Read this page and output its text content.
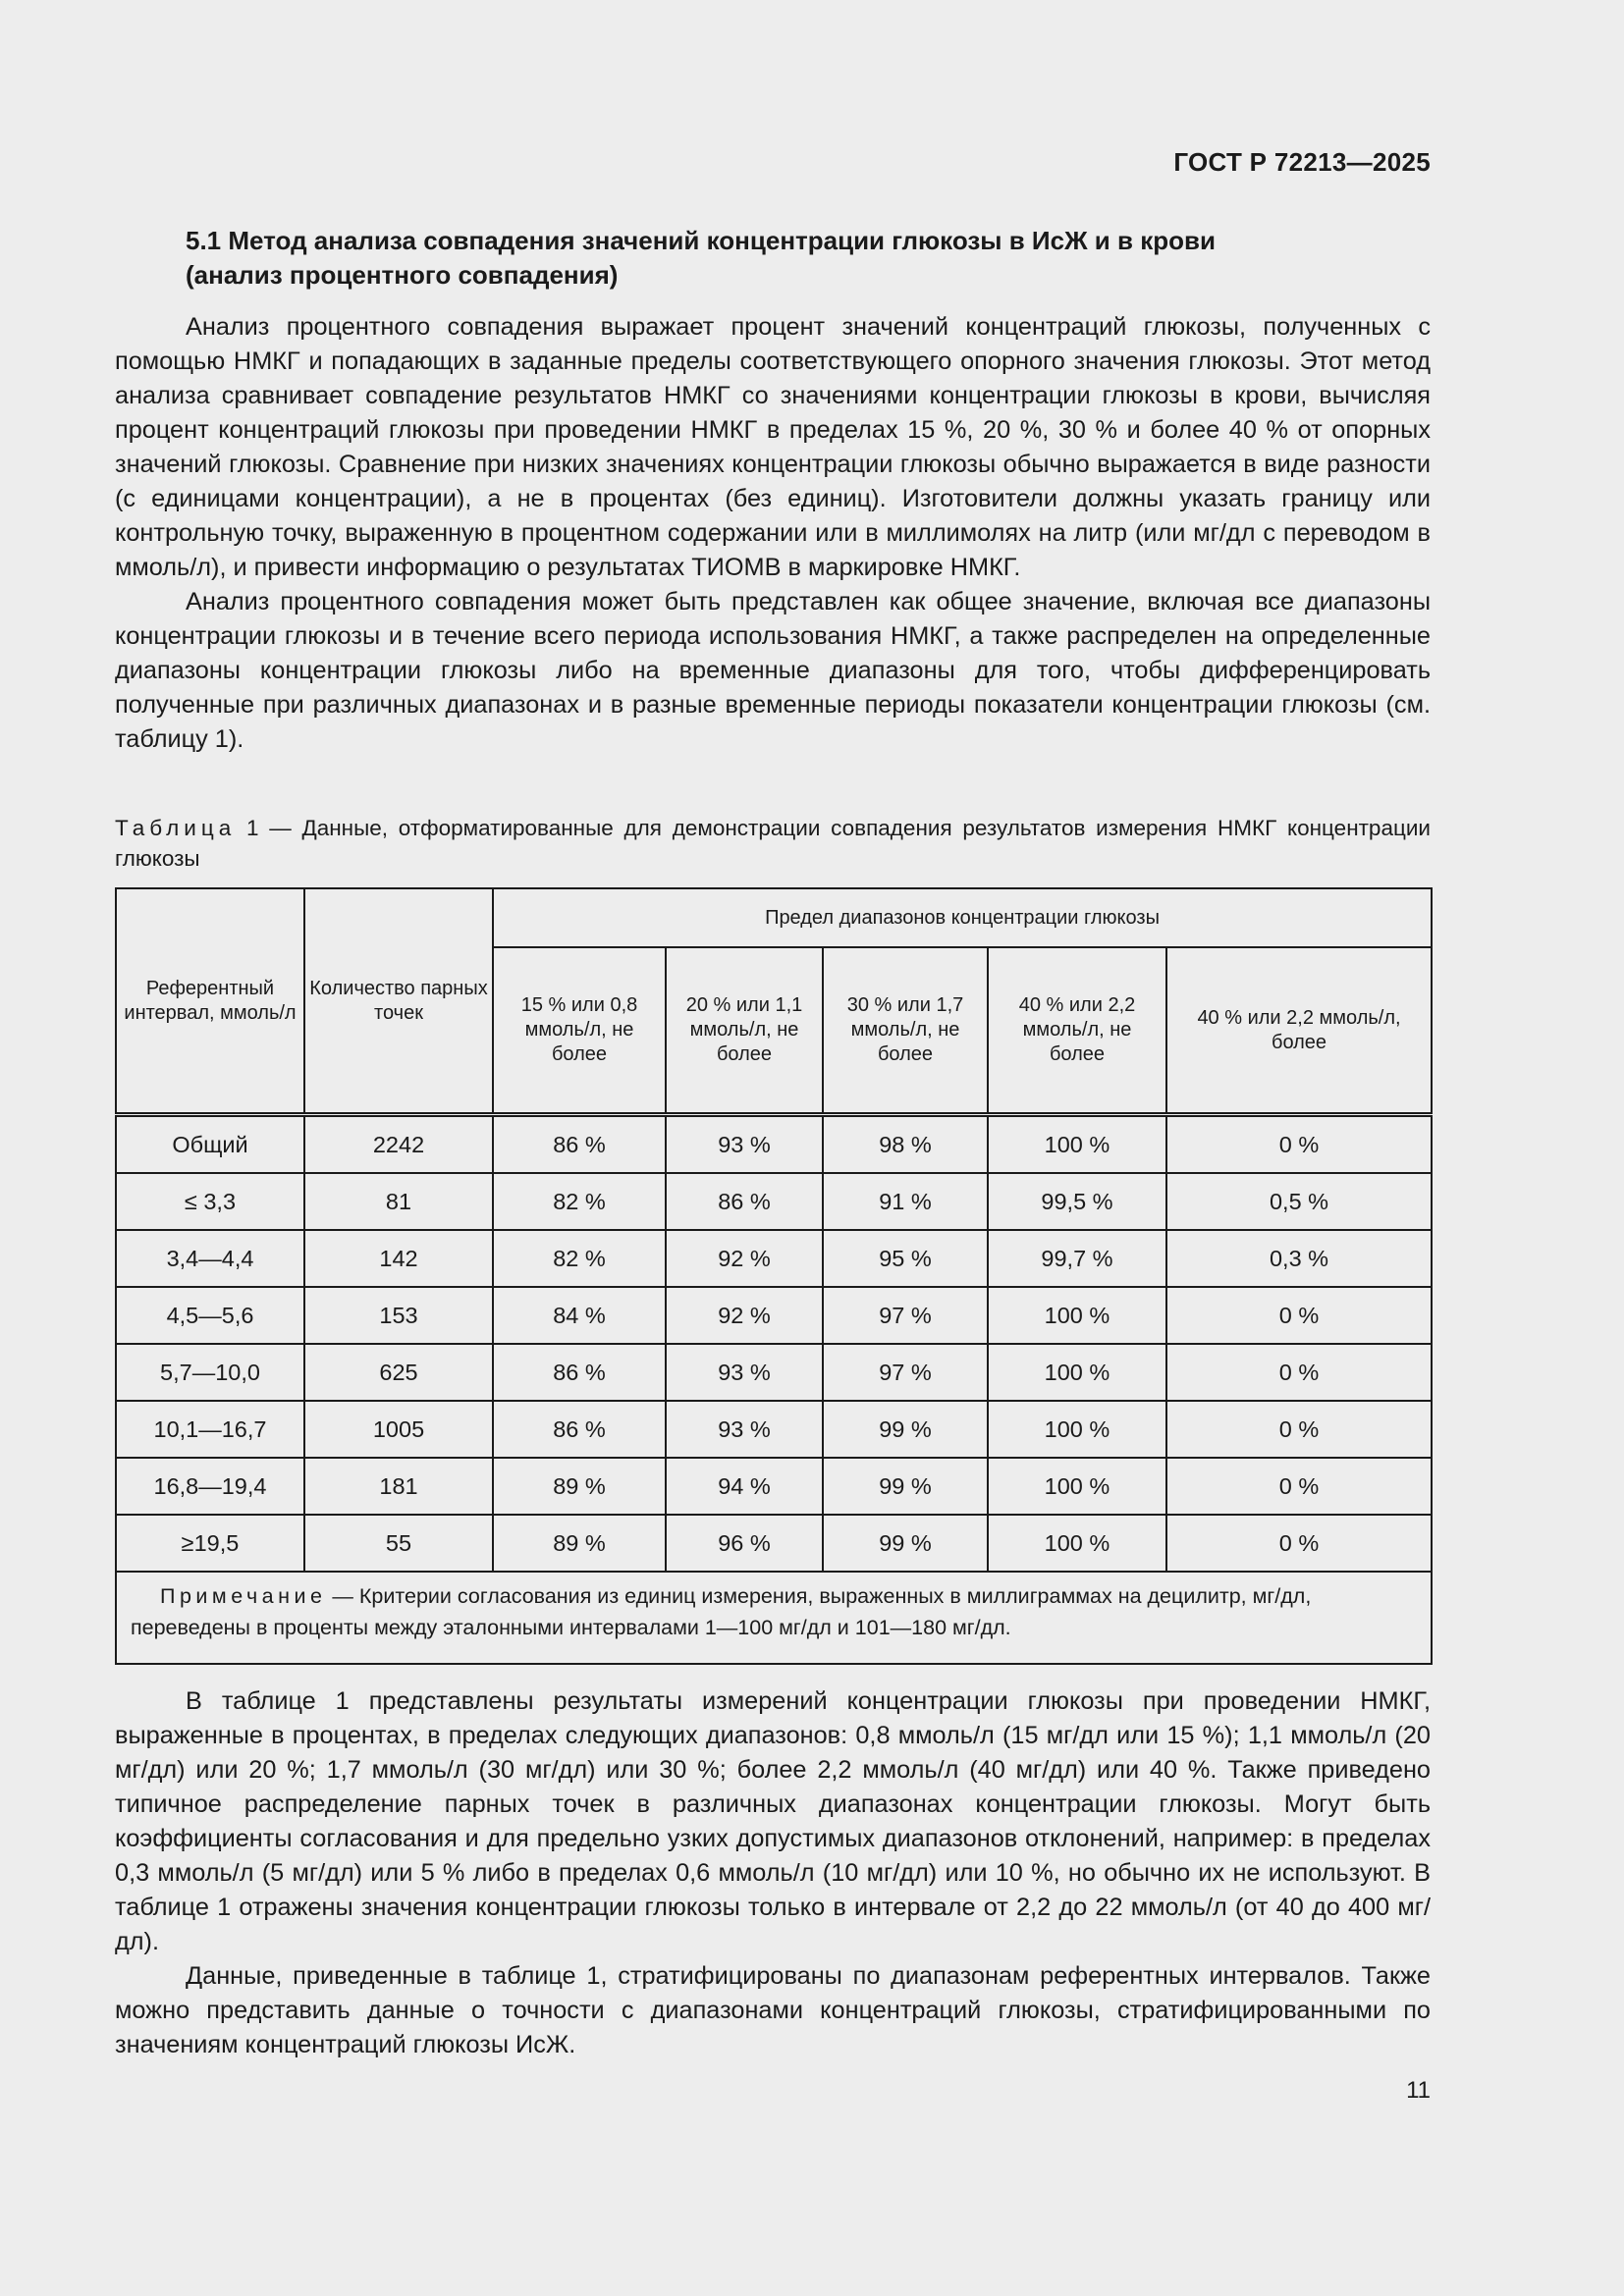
ГОСТ Р 72213—2025
5.1 Метод анализа совпадения значений концентрации глюкозы в ИсЖ и в крови
(анализ процентного совпадения)

Анализ процентного совпадения выражает процент значений концентраций глюкозы, полученных с помощью НМКГ и попадающих в заданные пределы соответствующего опорного значения глюкозы. Этот метод анализа сравнивает совпадение результатов НМКГ со значениями концентрации глюкозы в крови, вычисляя процент концентраций глюкозы при проведении НМКГ в пределах 15 %, 20 %, 30 % и более 40 % от опорных значений глюкозы. Сравнение при низких значениях концентрации глюкозы обычно выражается в виде разности (с единицами концентрации), а не в процентах (без единиц). Изготовители должны указать границу или контрольную точку, выраженную в процентном содержании или в миллимолях на литр (или мг/дл с переводом в ммоль/л), и привести информацию о результатах ТИОМВ в маркировке НМКГ.

Анализ процентного совпадения может быть представлен как общее значение, включая все диапазоны концентрации глюкозы и в течение всего периода использования НМКГ, а также распределен на определенные диапазоны концентрации глюкозы либо на временные диапазоны для того, чтобы дифференцировать полученные при различных диапазонах и в разные временные периоды показатели концентрации глюкозы (см. таблицу 1).

Таблица 1 — Данные, отформатированные для демонстрации совпадения результатов измерения НМКГ концентрации глюкозы
Референтный интервал, ммоль/л	Количество парных точек	Предел диапазонов концентрации глюкозы				
		15 % или 0,8 ммоль/л, не более	20 % или 1,1 ммоль/л, не более	30 % или 1,7 ммоль/л, не более	40 % или 2,2 ммоль/л, не более	40 % или 2,2 ммоль/л, более
Общий	2242	86 %	93 %	98 %	100 %	0 %
≤ 3,3	81	82 %	86 %	91 %	99,5 %	0,5 %
3,4—4,4	142	82 %	92 %	95 %	99,7 %	0,3 %
4,5—5,6	153	84 %	92 %	97 %	100 %	0 %
5,7—10,0	625	86 %	93 %	97 %	100 %	0 %
10,1—16,7	1005	86 %	93 %	99 %	100 %	0 %
16,8—19,4	181	89 %	94 %	99 %	100 %	0 %
≥19,5	55	89 %	96 %	99 %	100 %	0 %
Примечание — Критерии согласования из единиц измерения, выраженных в миллиграммах на децилитр, мг/дл, переведены в проценты между эталонными интервалами 1—100 мг/дл и 101—180 мг/дл.						

В таблице 1 представлены результаты измерений концентрации глюкозы при проведении НМКГ, выраженные в процентах, в пределах следующих диапазонов: 0,8 ммоль/л (15 мг/дл или 15 %); 1,1 ммоль/л (20 мг/дл) или 20 %; 1,7 ммоль/л (30 мг/дл) или 30 %; более 2,2 ммоль/л (40 мг/дл) или 40 %. Также приведено типичное распределение парных точек в различных диапазонах концентрации глюкозы. Могут быть коэффициенты согласования и для предельно узких допустимых диапазонов отклонений, например: в пределах 0,3 ммоль/л (5 мг/дл) или 5 % либо в пределах 0,6 ммоль/л (10 мг/дл) или 10 %, но обычно их не используют. В таблице 1 отражены значения концентрации глюкозы только в интервале от 2,2 до 22 ммоль/л (от 40 до 400 мг/дл).

Данные, приведенные в таблице 1, стратифицированы по диапазонам референтных интервалов. Также можно представить данные о точности с диапазонами концентраций глюкозы, стратифицированными по значениям концентраций глюкозы ИсЖ.

11
